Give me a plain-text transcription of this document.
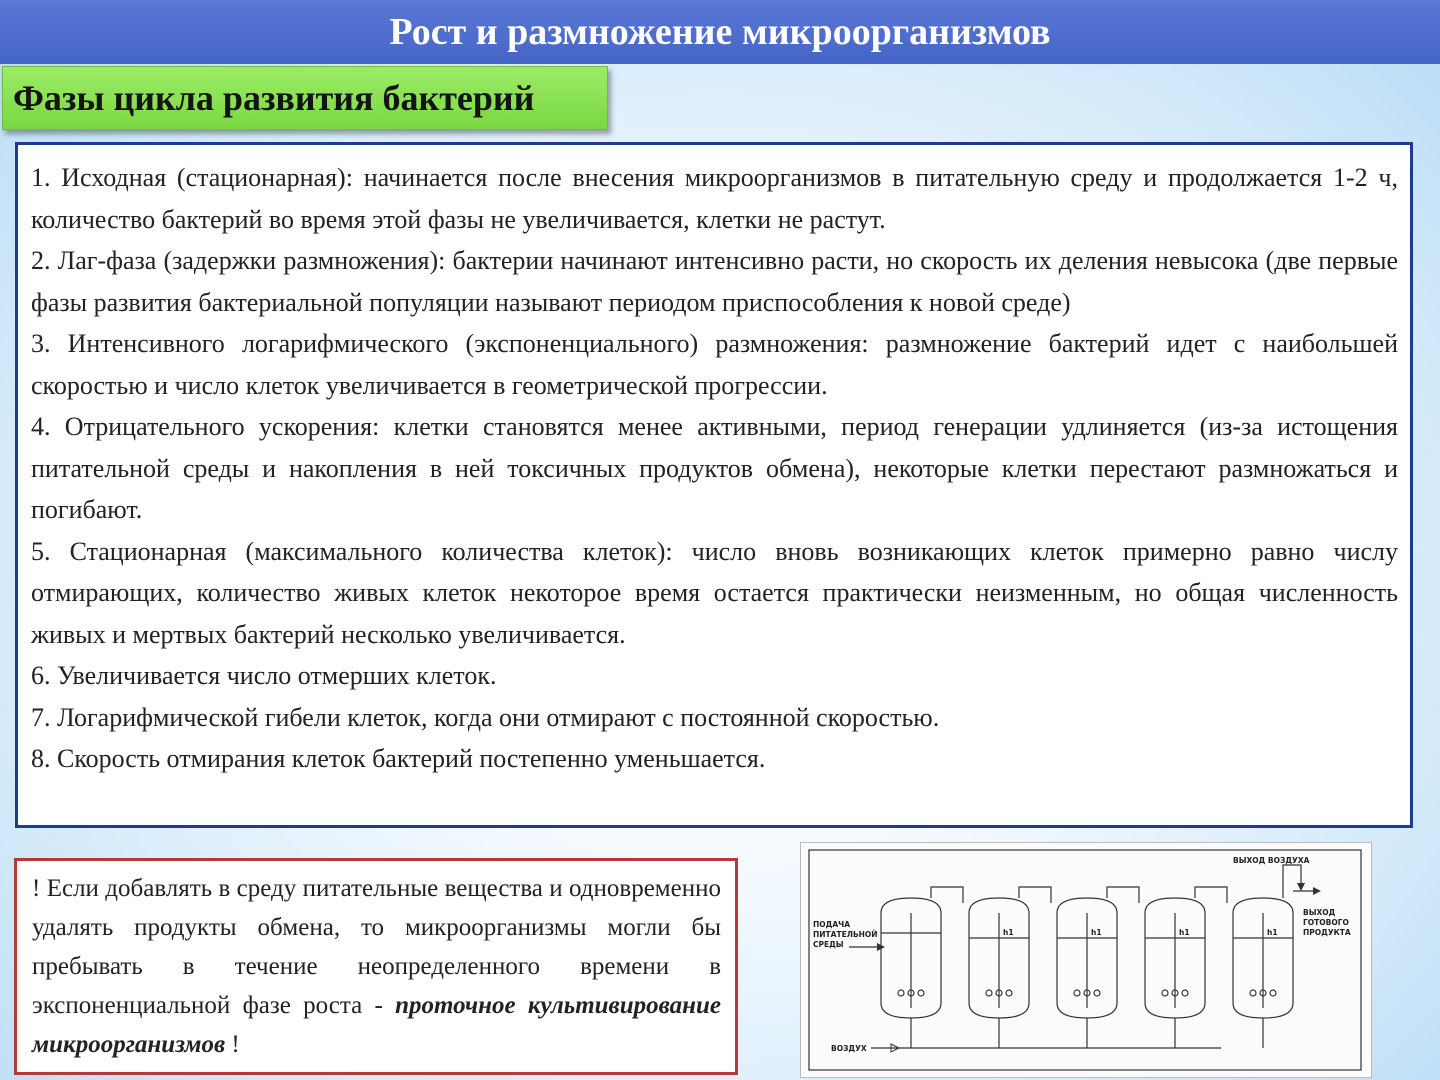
Рост и размножение микроорганизмов
Фазы цикла развития бактерий

1. Исходная (стационарная): начинается после внесения микроорганизмов в питательную среду и продолжается 1-2 ч, количество бактерий во время этой фазы не увеличивается, клетки не растут.

2. Лаг-фаза (задержки размножения): бактерии начинают интенсивно расти, но скорость их деления невысока (две первые фазы развития бактериальной популяции называют периодом приспособления к новой среде)

3. Интенсивного логарифмического (экспоненциального) размножения: размножение бактерий идет с наибольшей скоростью и число клеток увеличивается в геометрической прогрессии.

4. Отрицательного ускорения: клетки становятся менее активными, период генерации удлиняется (из-за истощения питательной среды и накопления в ней токсичных продуктов обмена), некоторые клетки перестают размножаться и погибают.

5. Стационарная (максимального количества клеток): число вновь возникающих клеток примерно равно числу отмирающих, количество живых клеток некоторое время остается практически неизменным, но общая численность живых и мертвых бактерий несколько увеличивается.

6. Увеличивается число отмерших клеток.

7. Логарифмической гибели клеток, когда они отмирают с постоянной скоростью.

8. Скорость отмирания клеток бактерий постепенно уменьшается.

! Если добавлять в среду питательные вещества и одновременно удалять продукты обмена, то микроорганизмы могли бы пребывать в течение неопределенного времени в экспоненциальной фазе роста - проточное культивирование микроорганизмов !

ВЫХОД ВОЗДУХА
ПОДАЧА
ПИТАТЕЛЬНОЙ
СРЕДЫ
ВЫХОД
ГОТОВОГО
ПРОДУКТА
ВОЗДУХ
h1	h1	h1	h1
